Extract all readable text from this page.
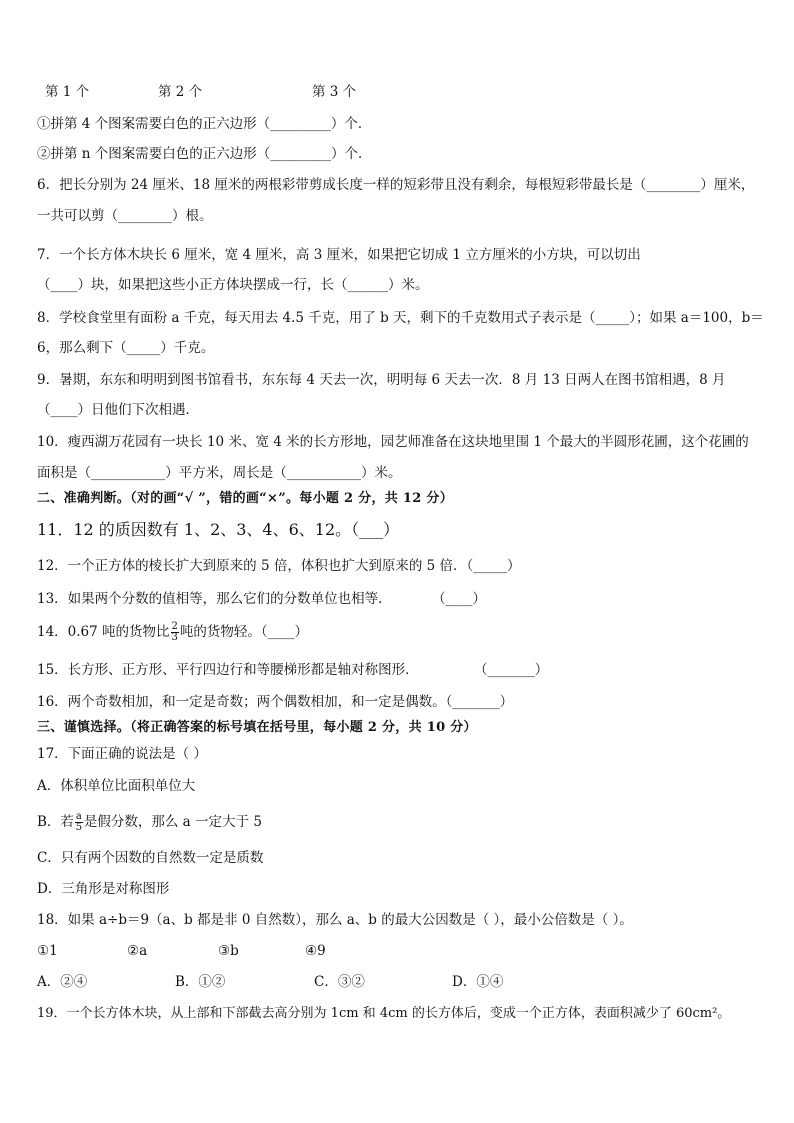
第 1 个	第 2 个	第 3 个
①拼第 4 个图案需要白色的正六边形（_________）个．
②拼第 n 个图案需要白色的正六边形（_________）个．
6．把长分别为 24 厘米、18 厘米的两根彩带剪成长度一样的短彩带且没有剩余，每根短彩带最长是（________）厘米，
一共可以剪（________）根。
7．一个长方体木块长 6 厘米，宽 4 厘米，高 3 厘米，如果把它切成 1 立方厘米的小方块，可以切出
（____）块，如果把这些小正方体块摆成一行，长（______）米。
8．学校食堂里有面粉 a 千克，每天用去 4.5 千克，用了 b 天，剩下的千克数用式子表示是（_____）；如果 a＝100，b＝
6，那么剩下（_____）千克。
9．暑期，东东和明明到图书馆看书，东东每 4 天去一次，明明每 6 天去一次．8 月 13 日两人在图书馆相遇，8 月
（____）日他们下次相遇．
10．瘦西湖万花园有一块长 10 米、宽 4 米的长方形地，园艺师准备在这块地里围 1 个最大的半圆形花圃，这个花圃的
面积是（___________）平方米，周长是（___________）米。
二、准确判断。（对的画“√ ”，错的画“×”。每小题 2 分，共 12 分）
11．12 的质因数有 1、2、3、4、6、12。（___）
12．一个正方体的棱长扩大到原来的 5 倍，体积也扩大到原来的 5 倍．（_____）
13．如果两个分数的值相等，那么它们的分数单位也相等．	（____）
14．0.67 吨的货物比 $\frac{2}{3}$ 吨的货物轻。（____）
15．长方形、正方形、平行四边行和等腰梯形都是轴对称图形．	（_______）
16．两个奇数相加，和一定是奇数；两个偶数相加，和一定是偶数。（_______）
三、谨慎选择。（将正确答案的标号填在括号里，每小题 2 分，共 10 分）
17．下面正确的说法是（ ）
A．体积单位比面积单位大
B．若 $\frac{a}{5}$ 是假分数，那么 a 一定大于 5
C．只有两个因数的自然数一定是质数
D．三角形是对称图形
18．如果 a÷b＝9（a、b 都是非 0 自然数），那么 a、b 的最大公因数是（ ），最小公倍数是（ ）。
①1	②a	③b	④9
A．②④	B．①②	C．③②	D．①④
19．一个长方体木块，从上部和下部截去高分别为 1cm 和 4cm 的长方体后，变成一个正方体，表面积减少了 60cm²。
